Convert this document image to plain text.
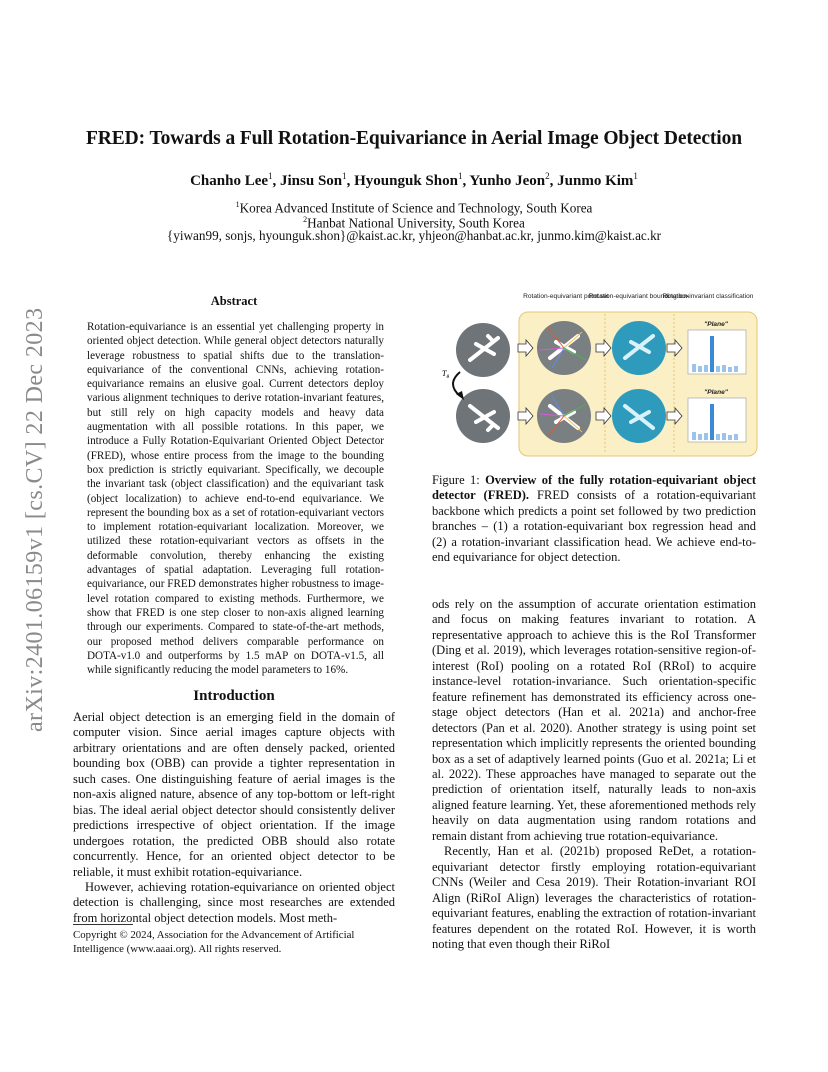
arXiv:2401.06159v1 [cs.CV] 22 Dec 2023
FRED: Towards a Full Rotation-Equivariance in Aerial Image Object Detection
Chanho Lee$^1$, Jinsu Son$^1$, Hyounguk Shon$^1$, Yunho Jeon$^2$, Junmo Kim$^1$
$^1$Korea Advanced Institute of Science and Technology, South Korea
$^2$Hanbat National University, South Korea
{yiwan99, sonjs, hyounguk.shon}@kaist.ac.kr, yhjeon@hanbat.ac.kr, junmo.kim@kaist.ac.kr
Abstract
Rotation-equivariance is an essential yet challenging property in oriented object detection. While general object detectors naturally leverage robustness to spatial shifts due to the translation-equivariance of the conventional CNNs, achieving rotation-equivariance remains an elusive goal. Current detectors deploy various alignment techniques to derive rotation-invariant features, but still rely on high capacity models and heavy data augmentation with all possible rotations. In this paper, we introduce a Fully Rotation-Equivariant Oriented Object Detector (FRED), whose entire process from the image to the bounding box prediction is strictly equivariant. Specifically, we decouple the invariant task (object classification) and the equivariant task (object localization) to achieve end-to-end equivariance. We represent the bounding box as a set of rotation-equivariant vectors to implement rotation-equivariant localization. Moreover, we utilized these rotation-equivariant vectors as offsets in the deformable convolution, thereby enhancing the existing advantages of spatial adaptation. Leveraging full rotation-equivariance, our FRED demonstrates higher robustness to image-level rotation compared to existing methods. Furthermore, we show that FRED is one step closer to non-axis aligned learning through our experiments. Compared to state-of-the-art methods, our proposed method delivers comparable performance on DOTA-v1.0 and outperforms by 1.5 mAP on DOTA-v1.5, all while significantly reducing the model parameters to 16%.
Introduction

Aerial object detection is an emerging field in the domain of computer vision. Since aerial images capture objects with arbitrary orientations and are often densely packed, oriented bounding box (OBB) can provide a tighter representation in such cases. One distinguishing feature of aerial images is the non-axis aligned nature, absence of any top-bottom or left-right bias. The ideal aerial object detector should consistently deliver predictions irrespective of object orientation. If the image undergoes rotation, the predicted OBB should also rotate concurrently. Hence, for an oriented object detector to be reliable, it must exhibit rotation-equivariance.

However, achieving rotation-equivariance on oriented object detection is challenging, since most researches are extended from horizontal object detection models. Most meth-

Copyright © 2024, Association for the Advancement of Artificial Intelligence (www.aaai.org). All rights reserved.
Rotation-equivariant point set
Rotation-equivariant bounding box
Rotation-invariant classification
$T_\theta$
"Plane"
"Plane"
Figure 1: Overview of the fully rotation-equivariant object detector (FRED). FRED consists of a rotation-equivariant backbone which predicts a point set followed by two prediction branches – (1) a rotation-equivariant box regression head and (2) a rotation-invariant classification head. We achieve end-to-end equivariance for object detection.

ods rely on the assumption of accurate orientation estimation and focus on making features invariant to rotation. A representative approach to achieve this is the RoI Transformer (Ding et al. 2019), which leverages rotation-sensitive region-of-interest (RoI) pooling on a rotated RoI (RRoI) to acquire instance-level rotation-invariance. Such orientation-specific feature refinement has demonstrated its efficiency across one-stage object detectors (Han et al. 2021a) and anchor-free detectors (Pan et al. 2020). Another strategy is using point set representation which implicitly represents the oriented bounding box as a set of adaptively learned points (Guo et al. 2021a; Li et al. 2022). These approaches have managed to separate out the prediction of orientation itself, naturally leads to non-axis aligned feature learning. Yet, these aforementioned methods rely heavily on data augmentation using random rotations and remain distant from achieving true rotation-equivariance.

Recently, Han et al. (2021b) proposed ReDet, a rotation-equivariant detector firstly employing rotation-equivariant CNNs (Weiler and Cesa 2019). Their Rotation-invariant ROI Align (RiRoI Align) leverages the characteristics of rotation-equivariant features, enabling the extraction of rotation-invariant features dependent on the rotated RoI. However, it is worth noting that even though their RiRoI
